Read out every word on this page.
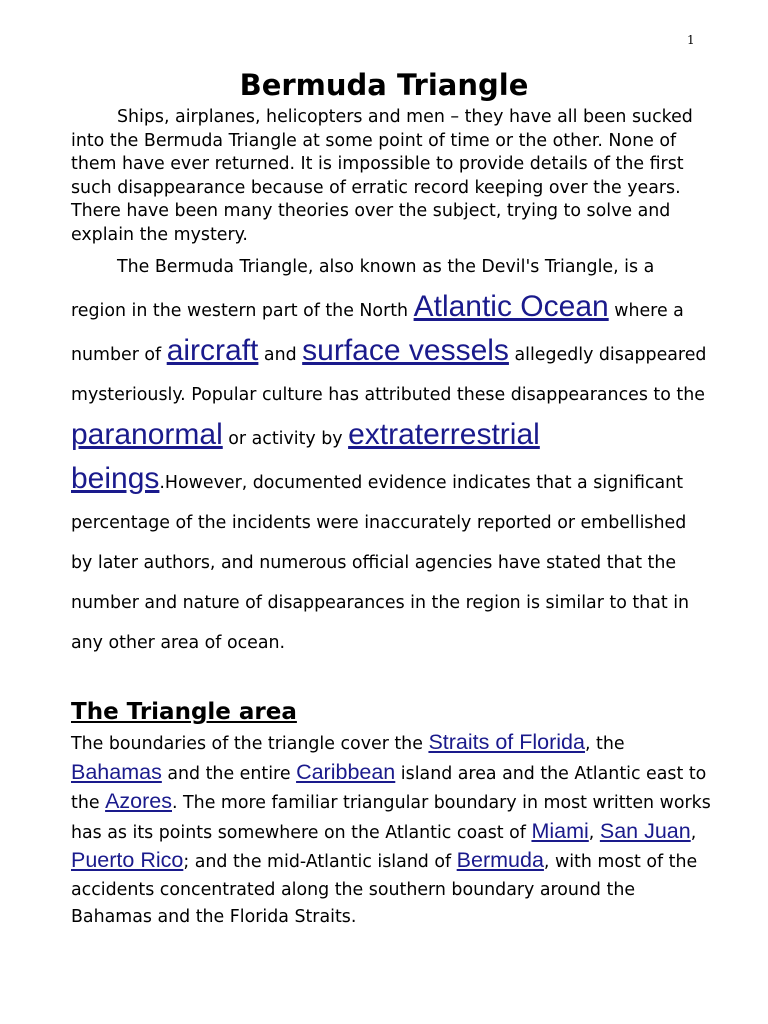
1
Bermuda Triangle

Ships, airplanes, helicopters and men – they have all been sucked into the Bermuda Triangle at some point of time or the other. None of them have ever returned. It is impossible to provide details of the first such disappearance because of erratic record keeping over the years. There have been many theories over the subject, trying to solve and explain the mystery.

The Bermuda Triangle, also known as the Devil's Triangle, is a region in the western part of the North Atlantic Ocean where a number of aircraft and surface vessels allegedly disappeared mysteriously. Popular culture has attributed these disappearances to the paranormal or activity by extraterrestrial beings.However, documented evidence indicates that a significant percentage of the incidents were inaccurately reported or embellished by later authors, and numerous official agencies have stated that the number and nature of disappearances in the region is similar to that in any other area of ocean.

The Triangle area

The boundaries of the triangle cover the Straits of Florida, the Bahamas and the entire Caribbean island area and the Atlantic east to the Azores. The more familiar triangular boundary in most written works has as its points somewhere on the Atlantic coast of Miami, San Juan, Puerto Rico; and the mid-Atlantic island of Bermuda, with most of the accidents concentrated along the southern boundary around the Bahamas and the Florida Straits.
